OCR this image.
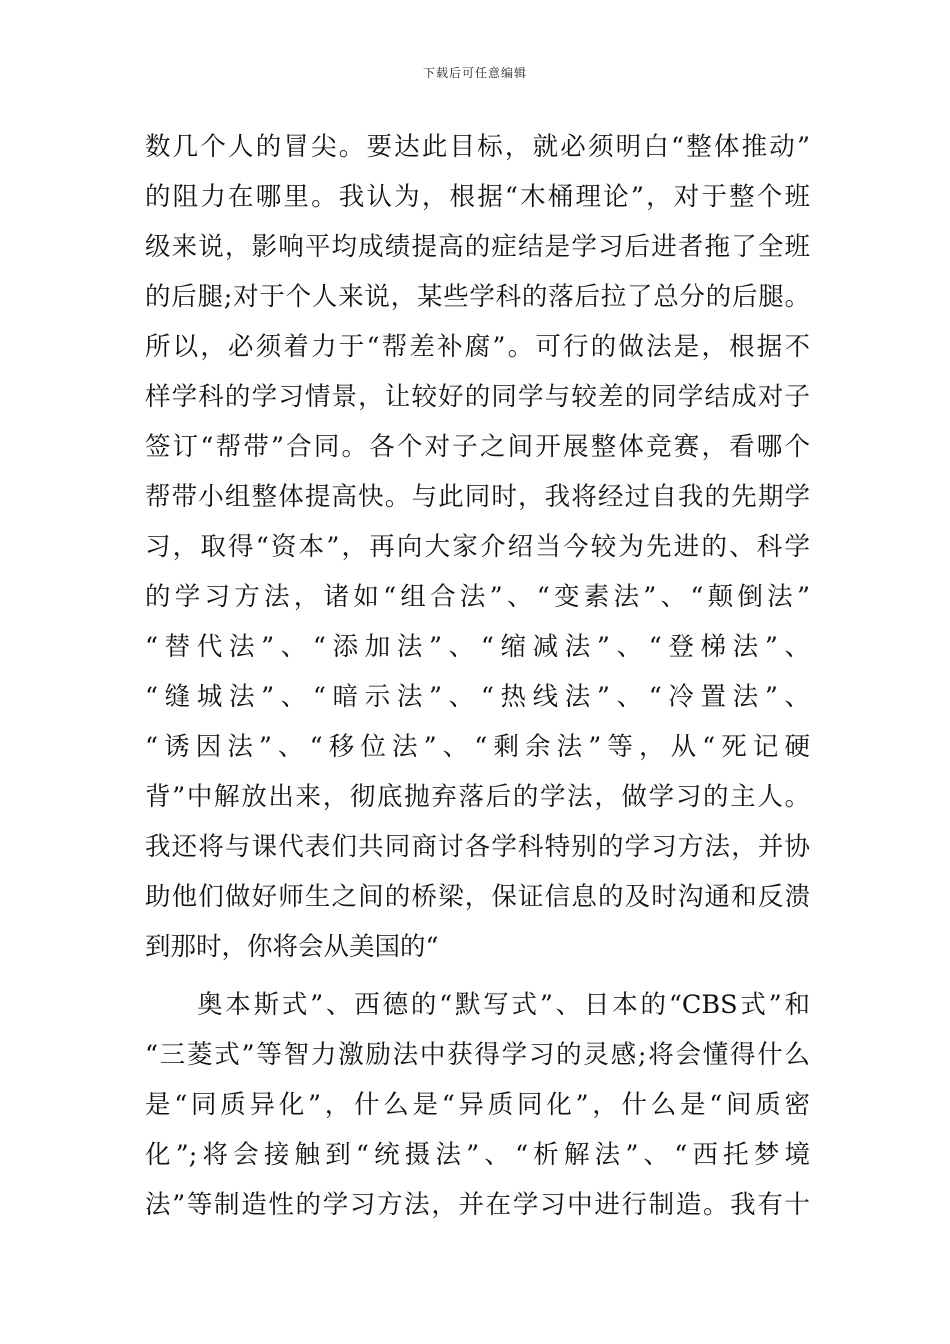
下载后可任意编辑
数几个人的冒尖。要达此目标，就必须明白“整体推动”
的阻力在哪里。我认为，根据“木桶理论”，对于整个班
级来说，影响平均成绩提高的症结是学习后进者拖了全班
的后腿;对于个人来说，某些学科的落后拉了总分的后腿。
所以，必须着力于“帮差补腐”。可行的做法是，根据不
样学科的学习情景，让较好的同学与较差的同学结成对子
签订“帮带”合同。各个对子之间开展整体竞赛，看哪个
帮带小组整体提高快。与此同时，我将经过自我的先期学
习，取得“资本”，再向大家介绍当今较为先进的、科学
的学习方法，诸如“组合法”、“变素法”、“颠倒法”
“替代法”、“添加法”、“缩减法”、“登梯法”、
“缝城法”、“暗示法”、“热线法”、“冷置法”、
“诱因法”、“移位法”、“剩余法”等，从“死记硬
背”中解放出来，彻底抛弃落后的学法，做学习的主人。
我还将与课代表们共同商讨各学科特别的学习方法，并协
助他们做好师生之间的桥梁，保证信息的及时沟通和反溃
到那时，你将会从美国的“
奥本斯式”、西德的“默写式”、日本的“CBS式”和
“三菱式”等智力激励法中获得学习的灵感;将会懂得什么
是“同质异化”，什么是“异质同化”，什么是“间质密
化”;将会接触到“统摄法”、“析解法”、“西托梦境
法”等制造性的学习方法，并在学习中进行制造。我有十
